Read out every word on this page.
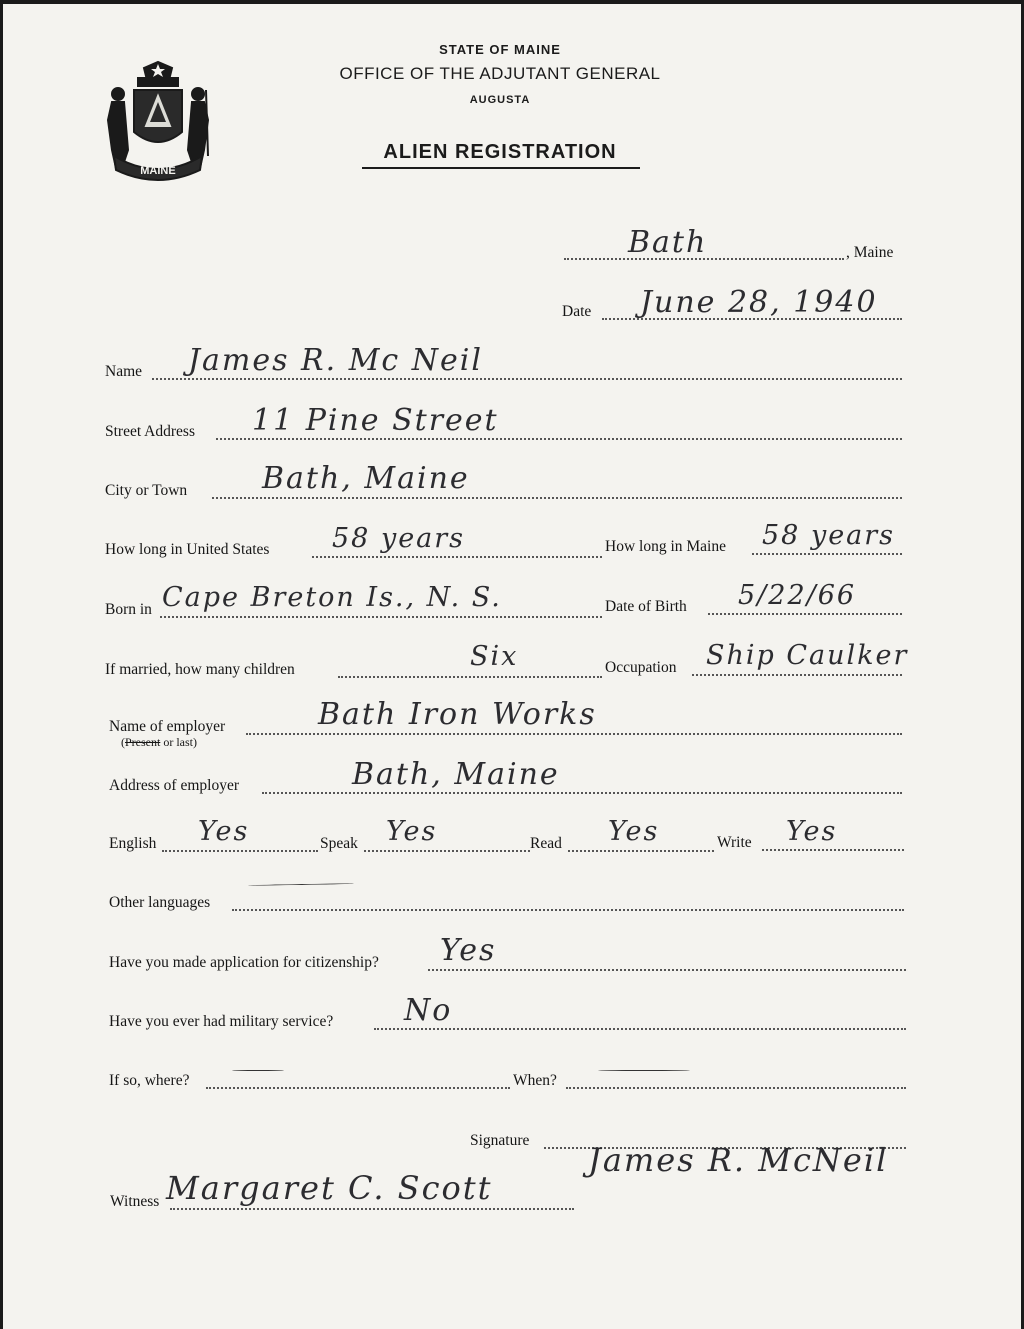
MAINE
STATE OF MAINE
OFFICE OF THE ADJUTANT GENERAL
AUGUSTA
ALIEN REGISTRATION
, Maine
Bath
Date June 28, 1940
Name James R. Mc Neil
Street Address 11 Pine Street
City or Town Bath, Maine
How long in United States 58 years	How long in Maine 58 years
Born in Cape Breton Is., N. S.	Date of Birth 5/22/66
If married, how many children	Six	Occupation Ship Caulker
Name of employer
(Present or last)
Bath Iron Works
Address of employer	Bath, Maine
English Yes	Speak Yes	Read Yes	Write Yes
Other languages
Have you made application for citizenship? Yes
Have you ever had military service? No
If so, where?	When?
Signature
James R. McNeil
Witness Margaret C. Scott
